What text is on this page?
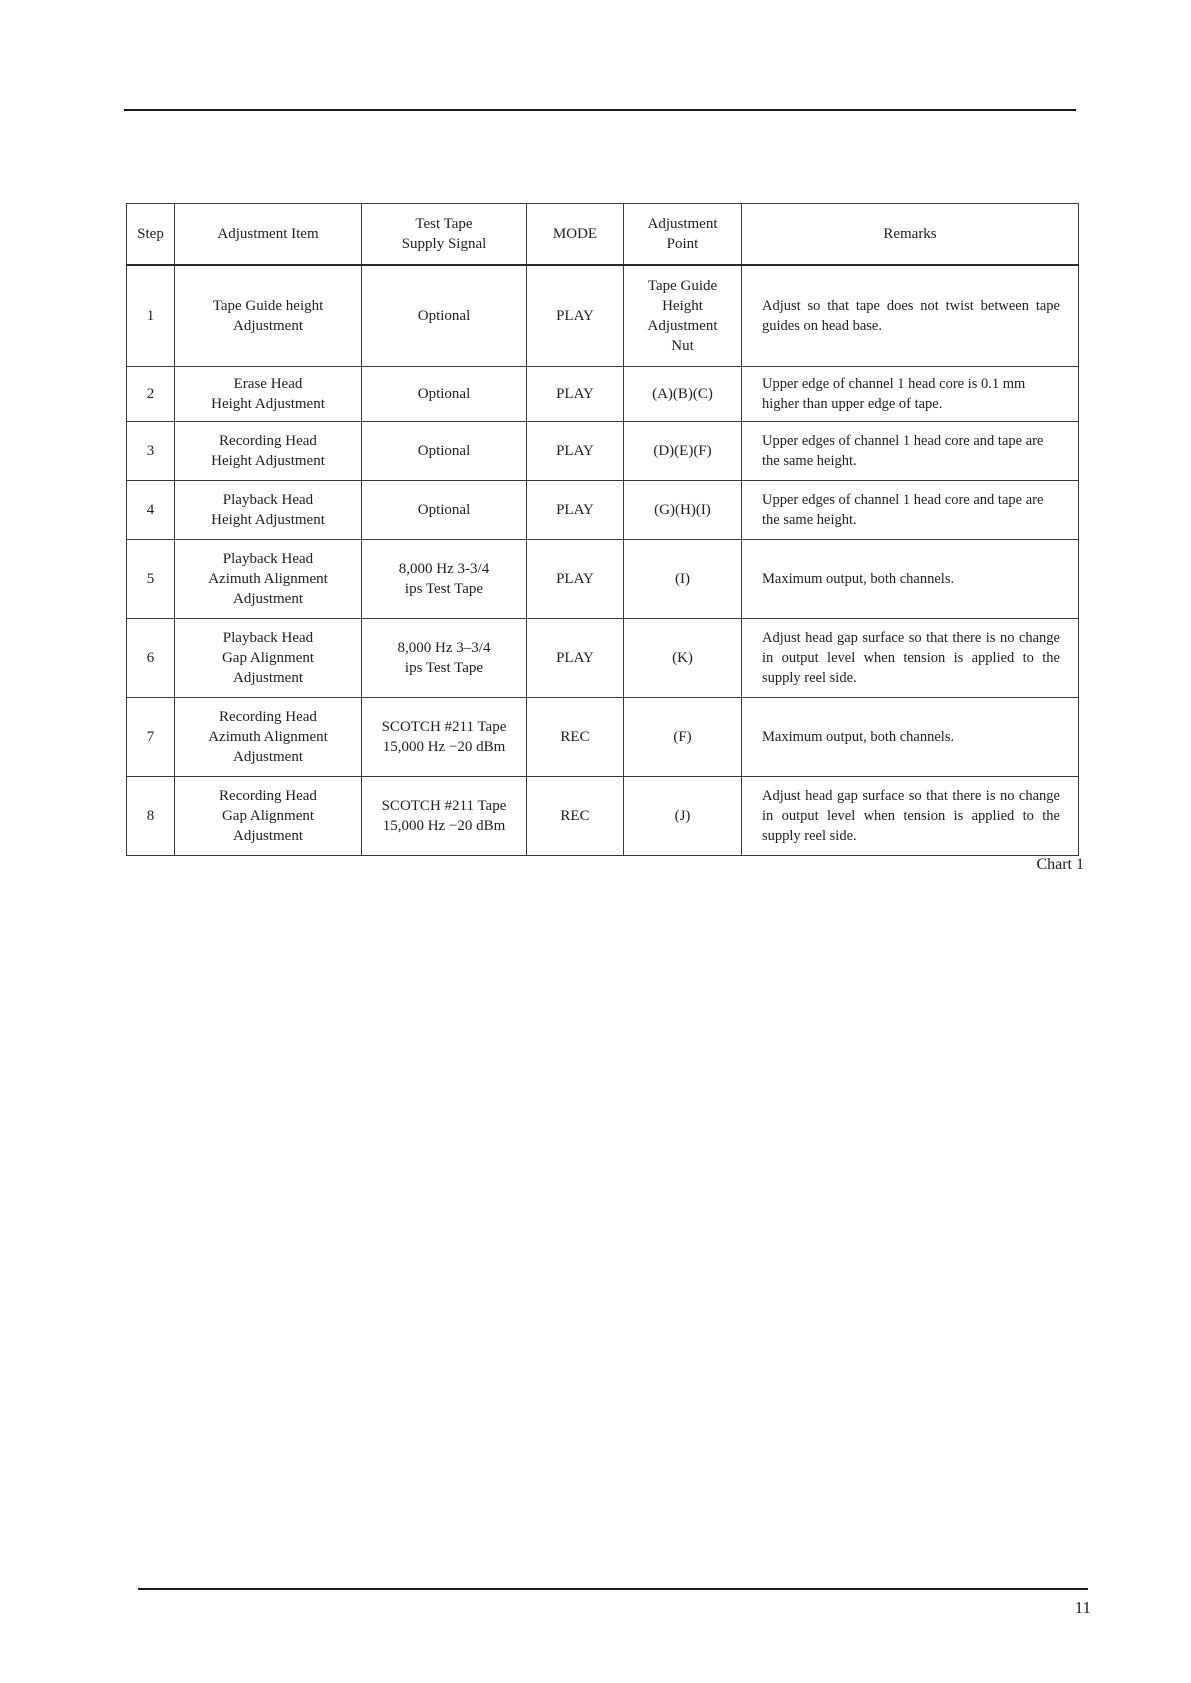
Step	Adjustment Item	Test Tape
Supply Signal	MODE	Adjustment
Point	Remarks

1	Tape Guide height
Adjustment	Optional	PLAY	Tape Guide
Height
Adjustment
Nut	Adjust so that tape does not twist between tape guides on head base.

2	Erase Head
Height Adjustment	Optional	PLAY	(A)(B)(C)	Upper edge of channel 1 head core is 0.1 mm higher than upper edge of tape.

3	Recording Head
Height Adjustment	Optional	PLAY	(D)(E)(F)	Upper edges of channel 1 head core and tape are the same height.

4	Playback Head
Height Adjustment	Optional	PLAY	(G)(H)(I)	Upper edges of channel 1 head core and tape are the same height.

5	Playback Head
Azimuth Alignment
Adjustment	8,000 Hz 3-3/4
ips Test Tape	PLAY	(I)	Maximum output, both channels.

6	Playback Head
Gap Alignment
Adjustment	8,000 Hz 3–3/4
ips Test Tape	PLAY	(K)	Adjust head gap surface so that there is no change in output level when tension is applied to the supply reel side.

7	Recording Head
Azimuth Alignment
Adjustment	SCOTCH #211 Tape
15,000 Hz −20 dBm	REC	(F)	Maximum output, both channels.

8	Recording Head
Gap Alignment
Adjustment	SCOTCH #211 Tape
15,000 Hz −20 dBm	REC	(J)	Adjust head gap surface so that there is no change in output level when tension is applied to the supply reel side.
Chart 1
11
